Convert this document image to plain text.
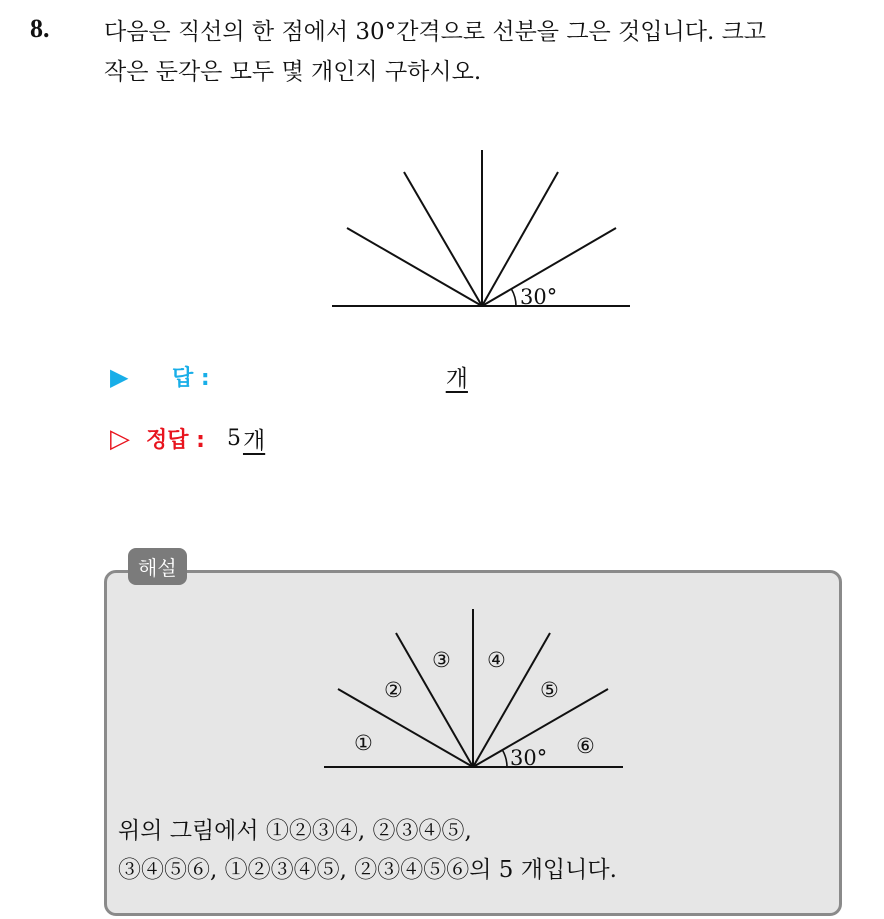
8. 다음은 직선의 한 점에서 30°간격으로 선분을 그은 것입니다. 크고
작은 둔각은 모두 몇 개인지 구하시오.
30°
▶	답 :	개
▷ 정답 : 5 개
해설
30°
①
②
③ ④
⑤
⑥
위의 그림에서 ①②③④, ②③④⑤,
③④⑤⑥, ①②③④⑤, ②③④⑤⑥의 5 개입니다.
